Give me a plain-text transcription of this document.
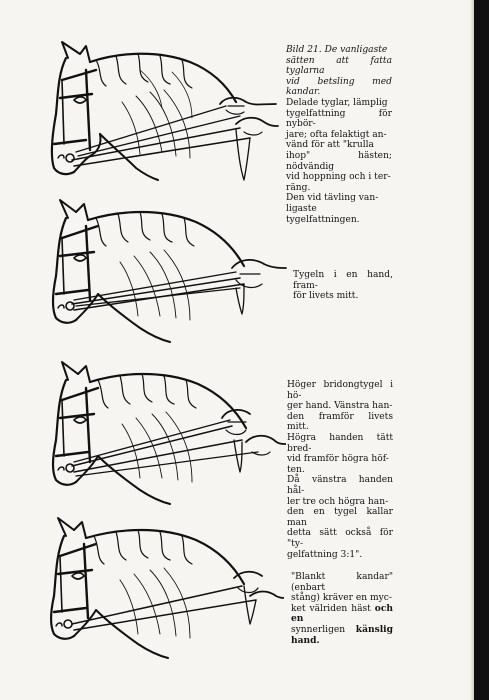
Bild 21. De vanligaste
sätten att fatta tyglarna
vid betsling med kandar.
Delade tyglar, lämplig
tygelfattning för nybör-
jare; ofta felaktigt an-
vänd för att "krulla
ihop" hästen; nödvändig
vid hoppning och i ter-
räng.
Den vid tävling van-
ligaste tygelfattningen.
Tygeln i en hand, fram-
för livets mitt.
Höger bridongtygel i hö-
ger hand. Vänstra han-
den framför livets mitt.
Högra handen tätt bred-
vid framför högra höf-
ten.
Då vänstra handen hål-
ler tre och högra han-
den en tygel kallar man
detta sätt också för "ty-
gelfattning 3:1".
"Blankt kandar" (enbart
stång) kräver en myc-
ket välriden häst och en
synnerligen känslig hand.
